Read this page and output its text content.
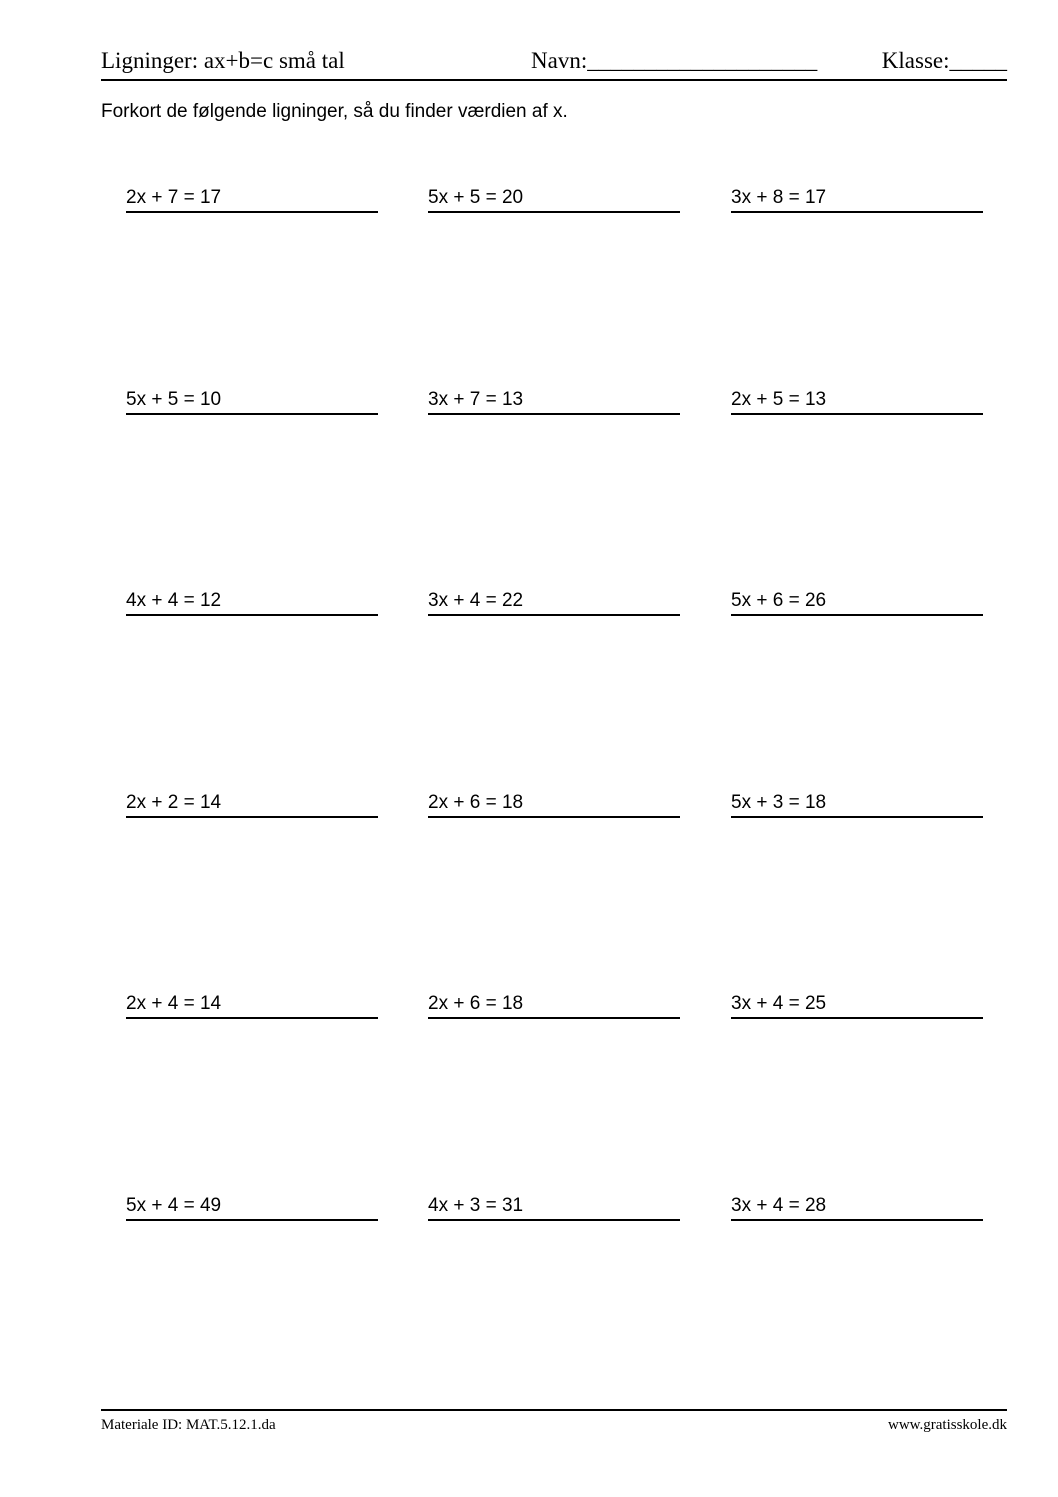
Ligninger: ax+b=c små tal	Navn:____________________	Klasse:_____
Forkort de følgende ligninger, så du finder værdien af x.
2x + 7 = 17	5x + 5 = 20	3x + 8 = 17
5x + 5 = 10	3x + 7 = 13	2x + 5 = 13
4x + 4 = 12	3x + 4 = 22	5x + 6 = 26
2x + 2 = 14	2x + 6 = 18	5x + 3 = 18
2x + 4 = 14	2x + 6 = 18	3x + 4 = 25
5x + 4 = 49	4x + 3 = 31	3x + 4 = 28
Materiale ID: MAT.5.12.1.da	www.gratisskole.dk
